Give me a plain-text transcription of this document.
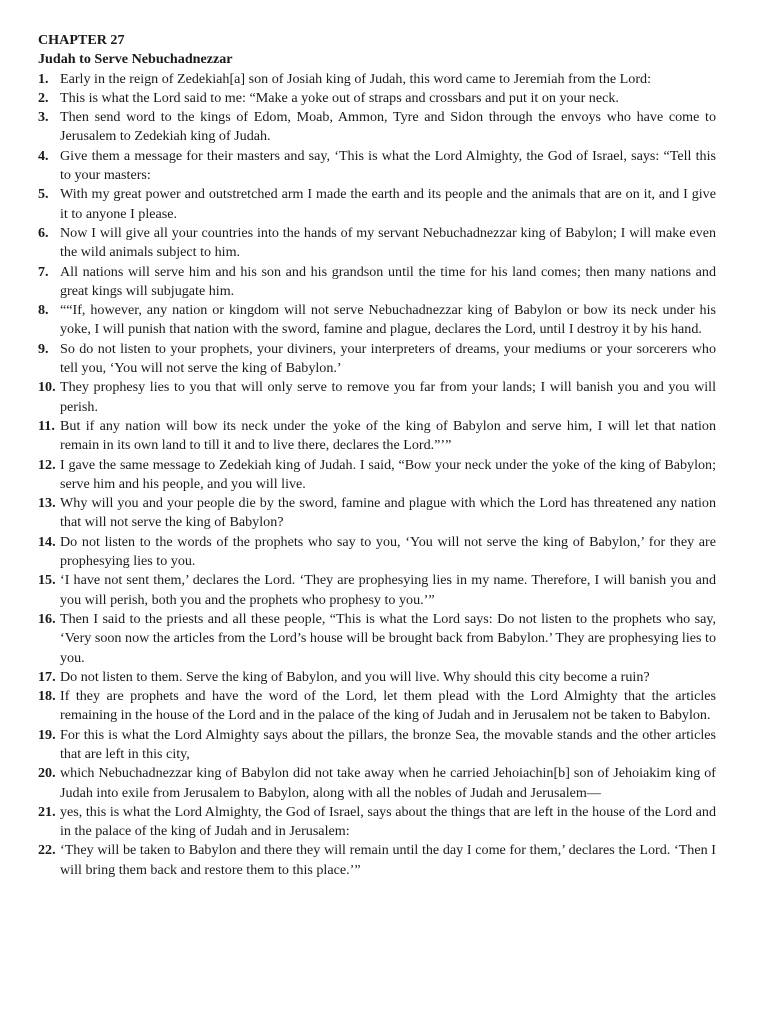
CHAPTER 27
Judah to Serve Nebuchadnezzar
1. Early in the reign of Zedekiah[a] son of Josiah king of Judah, this word came to Jeremiah from the Lord:
2. This is what the Lord said to me: “Make a yoke out of straps and crossbars and put it on your neck.
3. Then send word to the kings of Edom, Moab, Ammon, Tyre and Sidon through the envoys who have come to Jerusalem to Zedekiah king of Judah.
4. Give them a message for their masters and say, ‘This is what the Lord Almighty, the God of Israel, says: “Tell this to your masters:
5. With my great power and outstretched arm I made the earth and its people and the animals that are on it, and I give it to anyone I please.
6. Now I will give all your countries into the hands of my servant Nebuchadnezzar king of Babylon; I will make even the wild animals subject to him.
7. All nations will serve him and his son and his grandson until the time for his land comes; then many nations and great kings will subjugate him.
8. ““If, however, any nation or kingdom will not serve Nebuchadnezzar king of Babylon or bow its neck under his yoke, I will punish that nation with the sword, famine and plague, declares the Lord, until I destroy it by his hand.
9. So do not listen to your prophets, your diviners, your interpreters of dreams, your mediums or your sorcerers who tell you, ‘You will not serve the king of Babylon.’
10. They prophesy lies to you that will only serve to remove you far from your lands; I will banish you and you will perish.
11. But if any nation will bow its neck under the yoke of the king of Babylon and serve him, I will let that nation remain in its own land to till it and to live there, declares the Lord.”’”
12. I gave the same message to Zedekiah king of Judah. I said, “Bow your neck under the yoke of the king of Babylon; serve him and his people, and you will live.
13. Why will you and your people die by the sword, famine and plague with which the Lord has threatened any nation that will not serve the king of Babylon?
14. Do not listen to the words of the prophets who say to you, ‘You will not serve the king of Babylon,’ for they are prophesying lies to you.
15. ‘I have not sent them,’ declares the Lord. ‘They are prophesying lies in my name. Therefore, I will banish you and you will perish, both you and the prophets who prophesy to you.’”
16. Then I said to the priests and all these people, “This is what the Lord says: Do not listen to the prophets who say, ‘Very soon now the articles from the Lord’s house will be brought back from Babylon.’ They are prophesying lies to you.
17. Do not listen to them. Serve the king of Babylon, and you will live. Why should this city become a ruin?
18. If they are prophets and have the word of the Lord, let them plead with the Lord Almighty that the articles remaining in the house of the Lord and in the palace of the king of Judah and in Jerusalem not be taken to Babylon.
19. For this is what the Lord Almighty says about the pillars, the bronze Sea, the movable stands and the other articles that are left in this city,
20. which Nebuchadnezzar king of Babylon did not take away when he carried Jehoiachin[b] son of Jehoiakim king of Judah into exile from Jerusalem to Babylon, along with all the nobles of Judah and Jerusalem—
21. yes, this is what the Lord Almighty, the God of Israel, says about the things that are left in the house of the Lord and in the palace of the king of Judah and in Jerusalem:
22. ‘They will be taken to Babylon and there they will remain until the day I come for them,’ declares the Lord. ‘Then I will bring them back and restore them to this place.’”
